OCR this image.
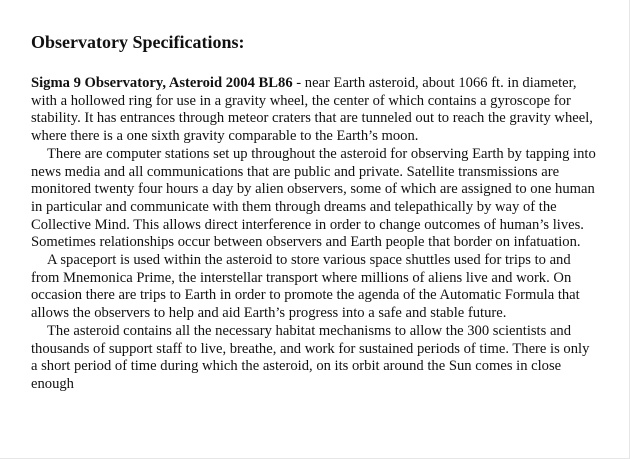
Observatory Specifications:

Sigma 9 Observatory, Asteroid 2004 BL86 - near Earth asteroid, about 1066 ft. in diameter, with a hollowed ring for use in a gravity wheel, the center of which contains a gyroscope for stability. It has entrances through meteor craters that are tunneled out to reach the gravity wheel, where there is a one sixth gravity comparable to the Earth’s moon.

There are computer stations set up throughout the asteroid for observing Earth by tapping into news media and all communications that are public and private. Satellite transmissions are monitored twenty four hours a day by alien observers, some of which are assigned to one human in particular and communicate with them through dreams and telepathically by way of the Collective Mind. This allows direct interference in order to change outcomes of human’s lives. Sometimes relationships occur between observers and Earth people that border on infatuation.

A spaceport is used within the asteroid to store various space shuttles used for trips to and from Mnemonica Prime, the interstellar transport where millions of aliens live and work. On occasion there are trips to Earth in order to promote the agenda of the Automatic Formula that allows the observers to help and aid Earth’s progress into a safe and stable future.

The asteroid contains all the necessary habitat mechanisms to allow the 300 scientists and thousands of support staff to live, breathe, and work for sustained periods of time. There is only a short period of time during which the asteroid, on its orbit around the Sun comes in close enough
